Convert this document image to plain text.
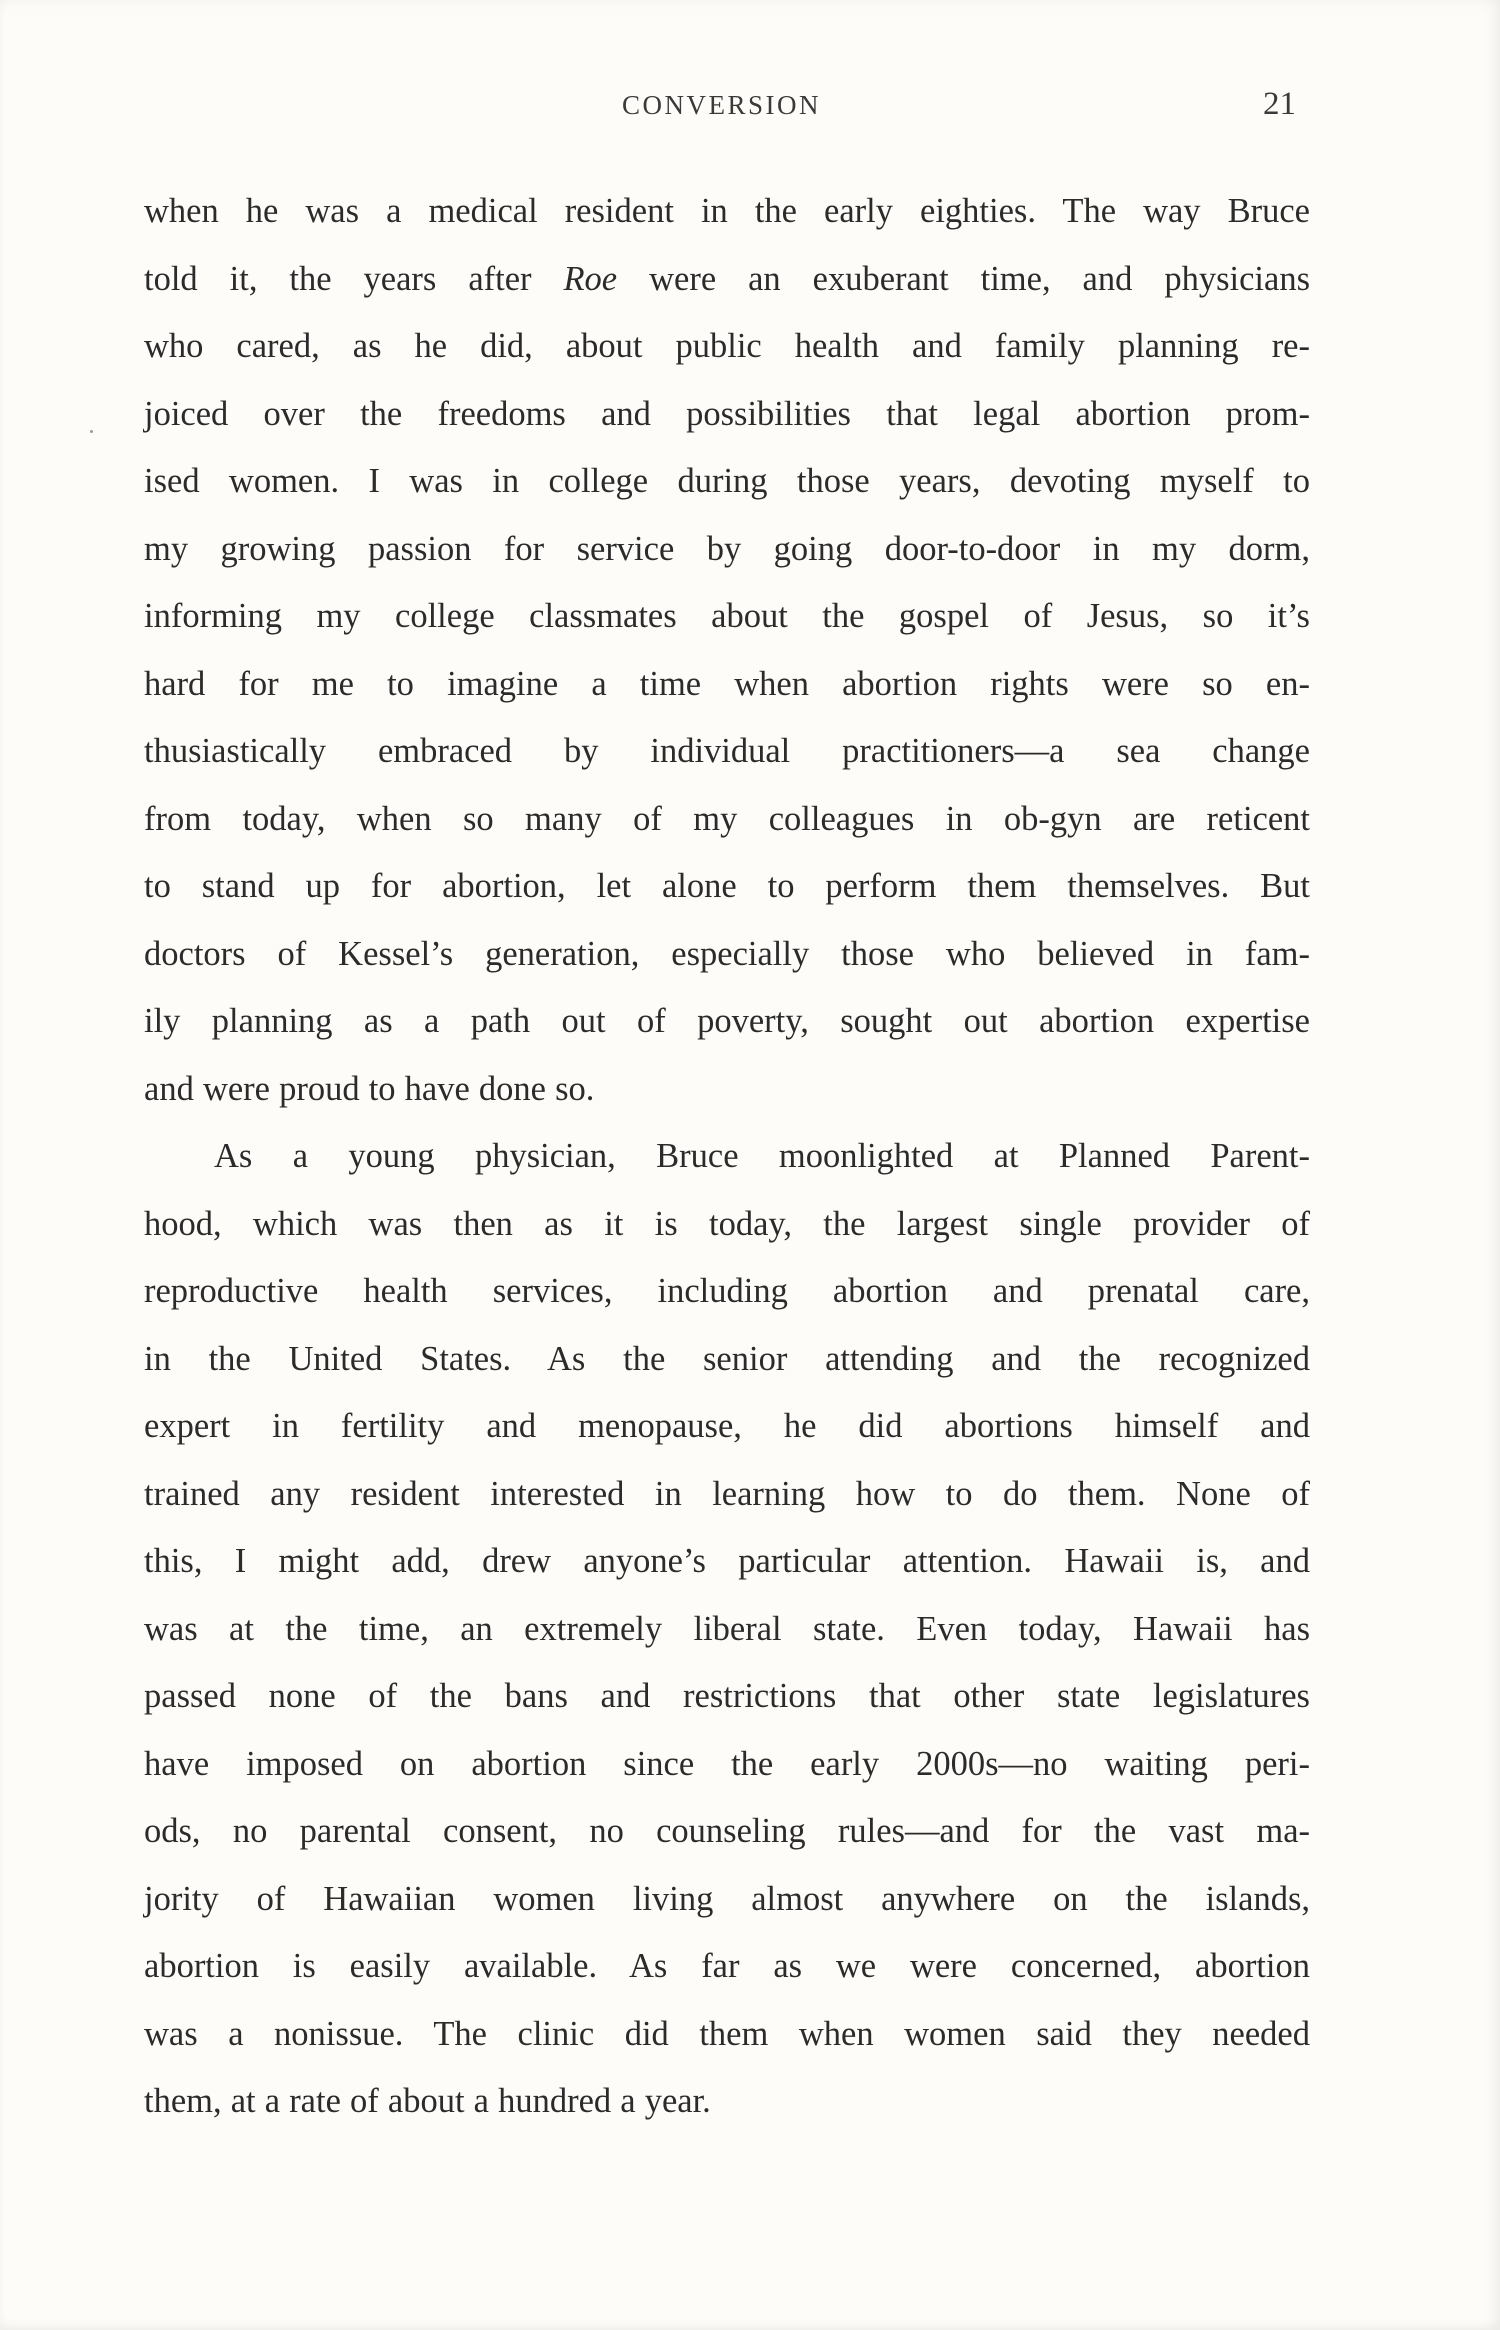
CONVERSION	21
when he was a medical resident in the early eighties. The way Bruce
told it, the years after Roe were an exuberant time, and physicians
who cared, as he did, about public health and family planning re-
joiced over the freedoms and possibilities that legal abortion prom-
ised women. I was in college during those years, devoting myself to
my growing passion for service by going door-to-door in my dorm,
informing my college classmates about the gospel of Jesus, so it’s
hard for me to imagine a time when abortion rights were so en-
thusiastically embraced by individual practitioners—a sea change
from today, when so many of my colleagues in ob-gyn are reticent
to stand up for abortion, let alone to perform them themselves. But
doctors of Kessel’s generation, especially those who believed in fam-
ily planning as a path out of poverty, sought out abortion expertise
and were proud to have done so.
As a young physician, Bruce moonlighted at Planned Parent-
hood, which was then as it is today, the largest single provider of
reproductive health services, including abortion and prenatal care,
in the United States. As the senior attending and the recognized
expert in fertility and menopause, he did abortions himself and
trained any resident interested in learning how to do them. None of
this, I might add, drew anyone’s particular attention. Hawaii is, and
was at the time, an extremely liberal state. Even today, Hawaii has
passed none of the bans and restrictions that other state legislatures
have imposed on abortion since the early 2000s—no waiting peri-
ods, no parental consent, no counseling rules—and for the vast ma-
jority of Hawaiian women living almost anywhere on the islands,
abortion is easily available. As far as we were concerned, abortion
was a nonissue. The clinic did them when women said they needed
them, at a rate of about a hundred a year.
